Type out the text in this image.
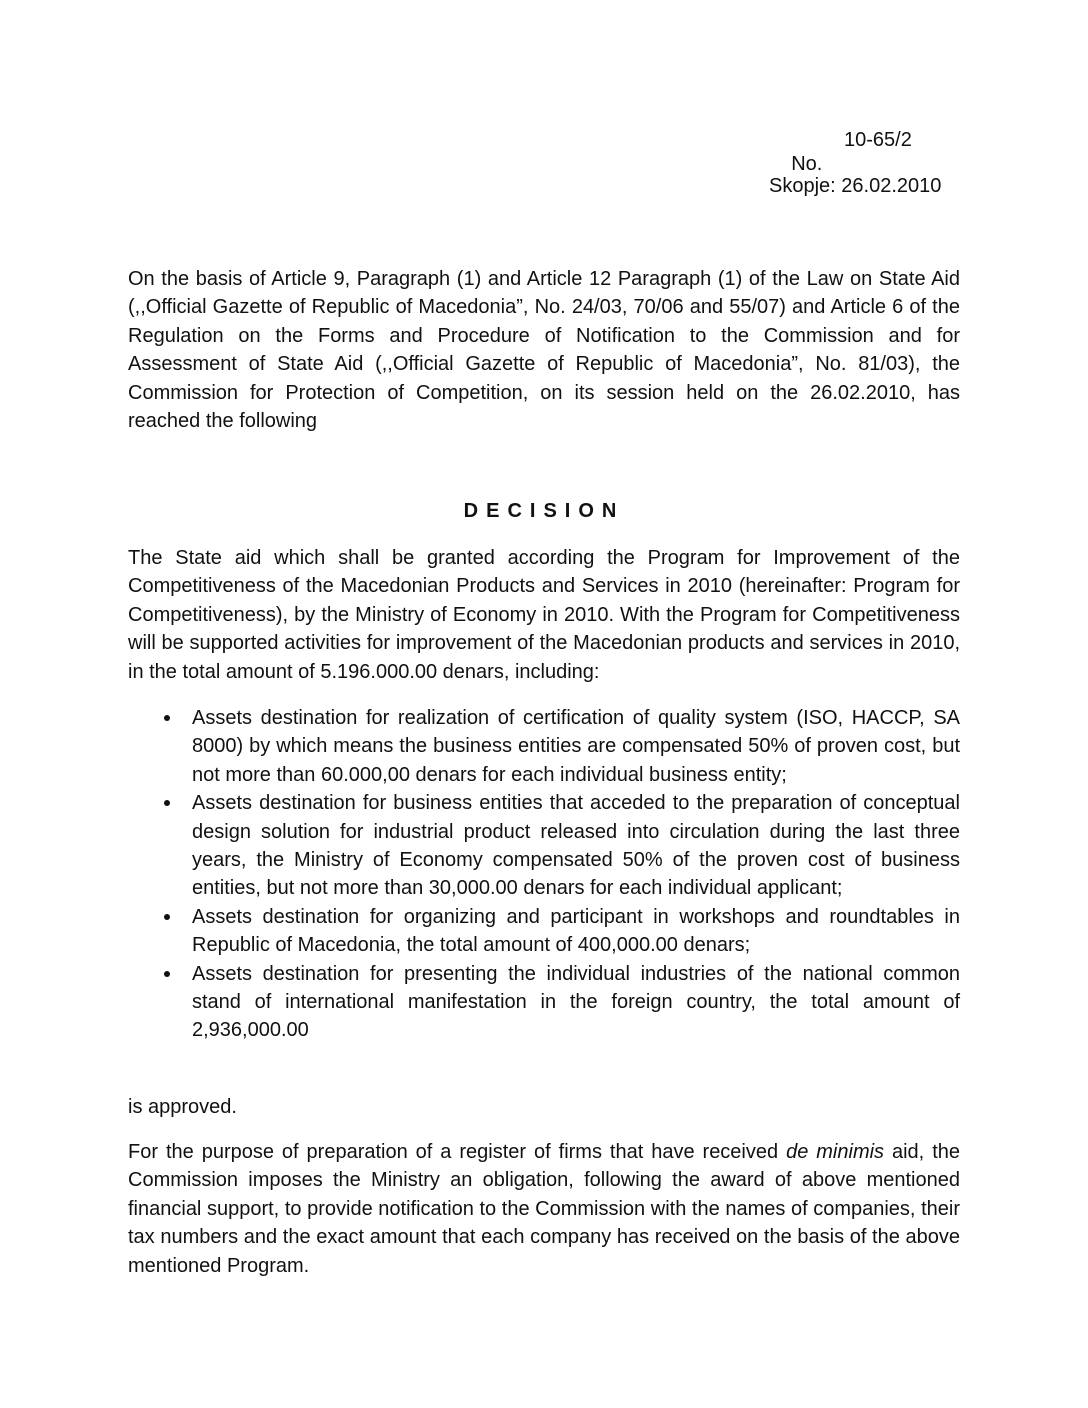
No.

10-65/2

Skopje: 26.02.2010

On the basis of Article 9, Paragraph (1) and Article 12 Paragraph (1) of the Law on State Aid (,,Official Gazette of Republic of Macedonia”, No. 24/03, 70/06 and 55/07) and Article 6 of the Regulation on the Forms and Procedure of Notification to the Commission and for Assessment of State Aid (,,Official Gazette of Republic of Macedonia”, No. 81/03), the Commission for Protection of Competition, on its session held on the 26.02.2010, has reached the following

DECISION

The State aid which shall be granted according the Program for Improvement of the Competitiveness of the Macedonian Products and Services in 2010 (hereinafter: Program for Competitiveness), by the Ministry of Economy in 2010. With the Program for Competitiveness will be supported activities for improvement of the Macedonian products and services in 2010, in the total amount of 5.196.000.00 denars, including:

Assets destination for realization of certification of quality system (ISO, HACCP, SA 8000) by which means the business entities are compensated 50% of proven cost, but not more than 60.000,00 denars for each individual business entity;
Assets destination for business entities that acceded to the preparation of conceptual design solution for industrial product released into circulation during the last three years, the Ministry of Economy compensated 50% of the proven cost of business entities, but not more than 30,000.00 denars for each individual applicant;
Assets destination for organizing and participant in workshops and roundtables in Republic of Macedonia, the total amount of 400,000.00 denars;
Assets destination for presenting the individual industries of the national common stand of international manifestation in the foreign country, the total amount of 2,936,000.00

is approved.

For the purpose of preparation of a register of firms that have received de minimis aid, the Commission imposes the Ministry an obligation, following the award of above mentioned financial support, to provide notification to the Commission with the names of companies, their tax numbers and the exact amount that each company has received on the basis of the above mentioned Program.
